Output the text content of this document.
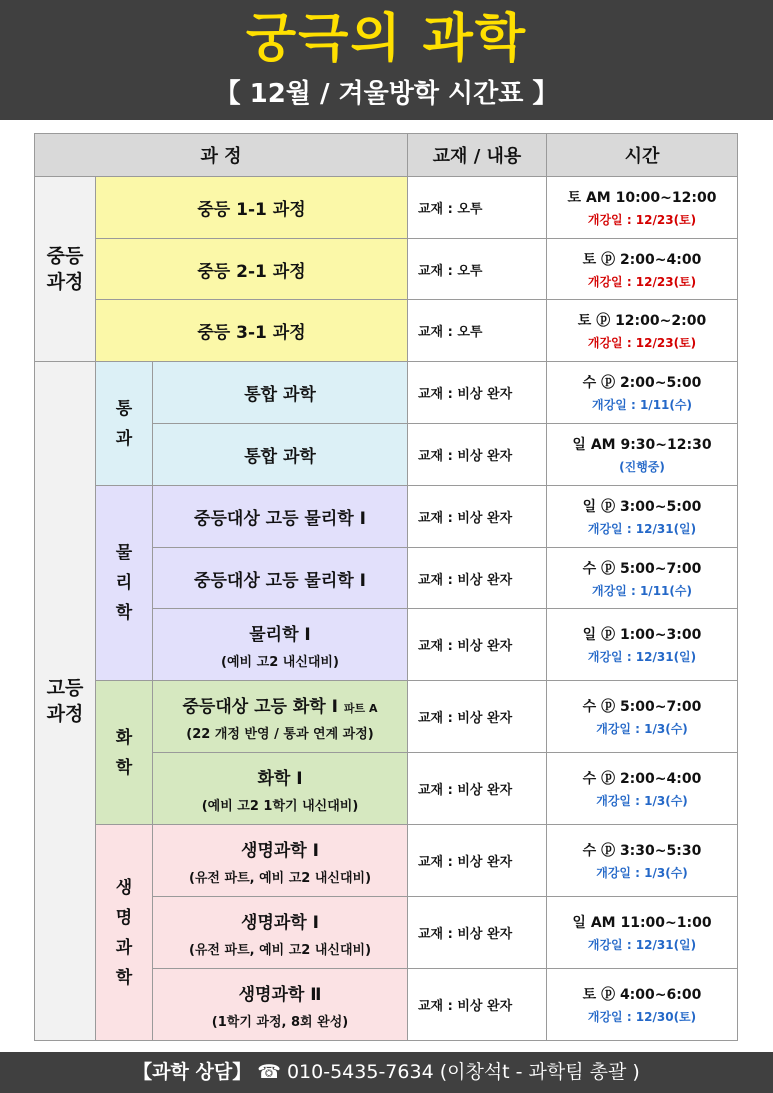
궁극의 과학
【 12월 / 겨울방학 시간표 】
과 정			교재 / 내용	시간
중등
과정	중등 1-1 과정		교재 : 오투	토 AM 10:00~12:00
개강일 : 12/23(토)

	중등 2-1 과정		교재 : 오투	토 ⓟ 2:00~4:00
개강일 : 12/23(토)

	중등 3-1 과정		교재 : 오투	토 ⓟ 12:00~2:00
개강일 : 12/23(토)

고등
과정	통
과	통합 과학	교재 : 비상 완자	수 ⓟ 2:00~5:00
개강일 : 1/11(수)

		통합 과학	교재 : 비상 완자	일 AM 9:30~12:30
(진행중)

	물
리
학	중등대상 고등 물리학 Ⅰ	교재 : 비상 완자	일 ⓟ 3:00~5:00
개강일 : 12/31(일)

		중등대상 고등 물리학 Ⅰ	교재 : 비상 완자	수 ⓟ 5:00~7:00
개강일 : 1/11(수)

		물리학 Ⅰ
(예비 고2 내신대비)	교재 : 비상 완자	일 ⓟ 1:00~3:00
개강일 : 12/31(일)

	화
학	중등대상 고등 화학 Ⅰ 파트 A
(22 개정 반영 / 통과 연계 과정)	교재 : 비상 완자	수 ⓟ 5:00~7:00
개강일 : 1/3(수)

		화학 Ⅰ
(예비 고2 1학기 내신대비)	교재 : 비상 완자	수 ⓟ 2:00~4:00
개강일 : 1/3(수)

	생
명
과
학	생명과학 Ⅰ
(유전 파트, 예비 고2 내신대비)	교재 : 비상 완자	수 ⓟ 3:30~5:30
개강일 : 1/3(수)

		생명과학 Ⅰ
(유전 파트, 예비 고2 내신대비)	교재 : 비상 완자	일 AM 11:00~1:00
개강일 : 12/31(일)

		생명과학 Ⅱ
(1학기 과정, 8회 완성)	교재 : 비상 완자	토 ⓟ 4:00~6:00
개강일 : 12/30(토)
【과학 상담】 ☎ 010-5435-7634 (이창석t - 과학팀 총괄 )
